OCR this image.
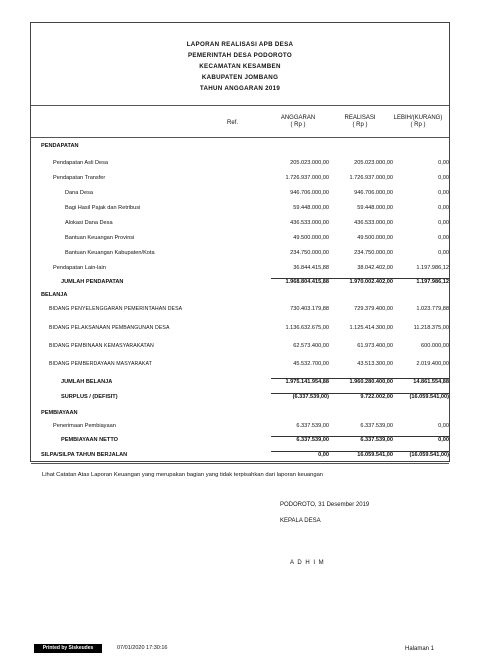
LAPORAN REALISASI APB DESA
PEMERINTAH DESA PODOROTO
KECAMATAN KESAMBEN
KABUPATEN JOMBANG
TAHUN ANGGARAN 2019
Ref.
ANGGARAN
( Rp )
REALISASI
( Rp )
LEBIH/(KURANG)
( Rp )
PENDAPATAN
Pendapatan Asli Desa	205.023.000,00	205.023.000,00	0,00
Pendapatan Transfer	1.726.937.000,00	1.726.937.000,00	0,00
Dana Desa	946.706.000,00	946.706.000,00	0,00
Bagi Hasil Pajak dan Retribusi	59.448.000,00	59.448.000,00	0,00
Alokasi Dana Desa	436.533.000,00	436.533.000,00	0,00
Bantuan Keuangan Provinsi	49.500.000,00	49.500.000,00	0,00
Bantuan Keuangan Kabupaten/Kota	234.750.000,00	234.750.000,00	0,00
Pendapatan Lain-lain	36.844.415,88	38.042.402,00	1.197.986,12
JUMLAH PENDAPATAN	1.968.804.415,88	1.970.002.402,00	1.197.986,12
BELANJA
BIDANG PENYELENGGARAN PEMERINTAHAN DESA	730.403.179,88	729.379.400,00	1.023.779,88
BIDANG PELAKSANAAN PEMBANGUNAN DESA	1.136.632.675,00	1.125.414.300,00	11.218.375,00
BIDANG PEMBINAAN KEMASYARAKATAN	62.573.400,00	61.973.400,00	600.000,00
BIDANG PEMBERDAYAAN MASYARAKAT	45.532.700,00	43.513.300,00	2.019.400,00
JUMLAH BELANJA	1.975.141.954,88	1.960.280.400,00	14.861.554,88
SURPLUS / (DEFISIT)	(6.337.539,00)	9.722.002,00	(16.059.541,00)
PEMBIAYAAN
Penerimaan Pembiayaan	6.337.539,00	6.337.539,00	0,00
PEMBIAYAAN NETTO	6.337.539,00	6.337.539,00	0,00
SILPA/SILPA TAHUN BERJALAN	0,00	16.059.541,00	(16.059.541,00)
Lihat Catatan Atas Laporan Keuangan yang merupakan bagian yang tidak terpisahkan dari laporan keuangan
PODOROTO, 31 Desember 2019
KEPALA DESA
A D H I M
Printed by Siskeudes	07/01/2020 17:30:16	Halaman 1
